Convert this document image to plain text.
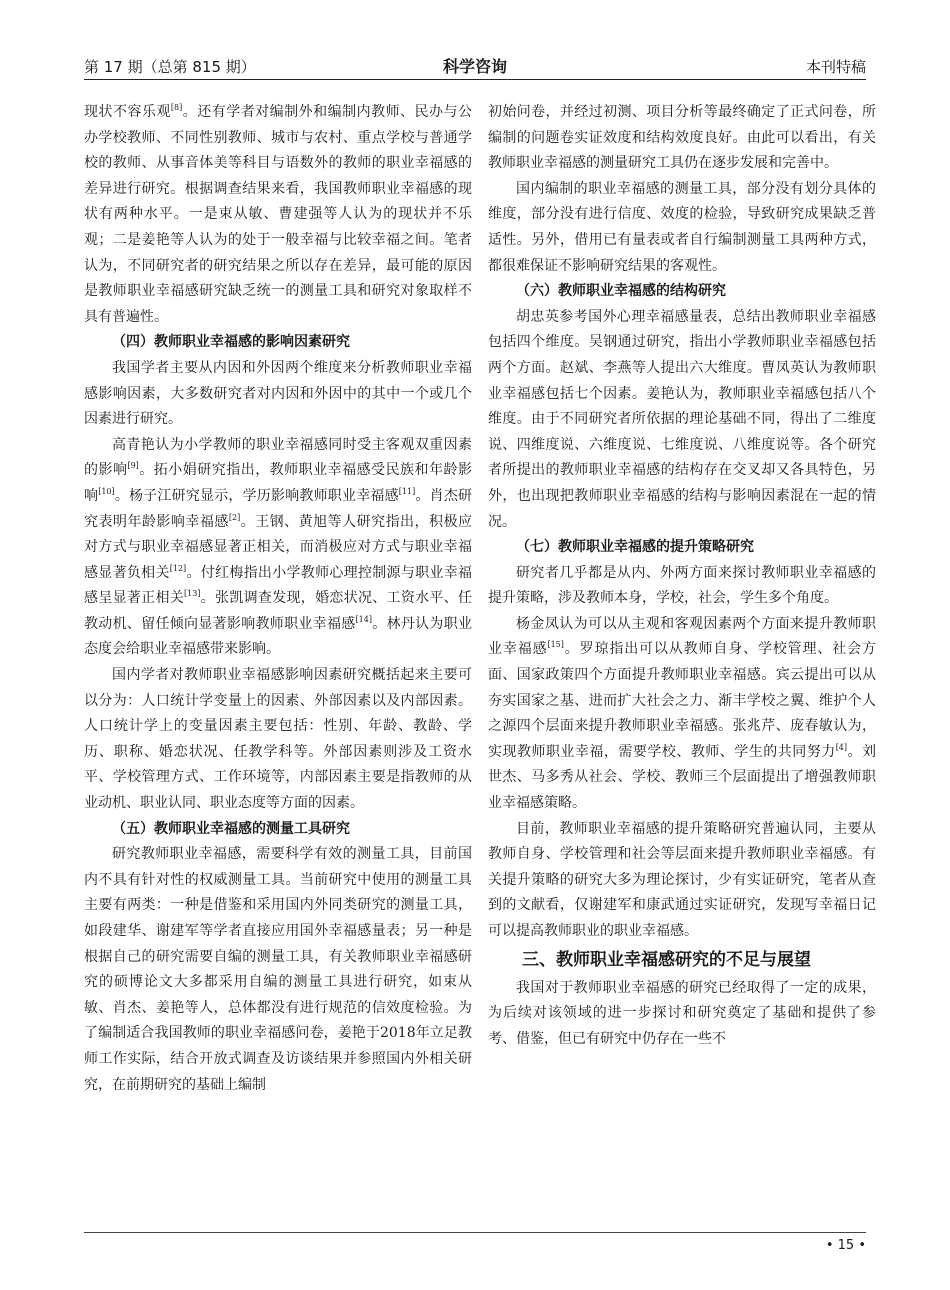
第 17 期（总第 815 期）	科学咨询	本刊特稿

现状不容乐观[8]。还有学者对编制外和编制内教师、民办与公办学校教师、不同性别教师、城市与农村、重点学校与普通学校的教师、从事音体美等科目与语数外的教师的职业幸福感的差异进行研究。根据调查结果来看，我国教师职业幸福感的现状有两种水平。一是束从敏、曹建强等人认为的现状并不乐观；二是姜艳等人认为的处于一般幸福与比较幸福之间。笔者认为，不同研究者的研究结果之所以存在差异，最可能的原因是教师职业幸福感研究缺乏统一的测量工具和研究对象取样不具有普遍性。

（四）教师职业幸福感的影响因素研究

我国学者主要从内因和外因两个维度来分析教师职业幸福感影响因素，大多数研究者对内因和外因中的其中一个或几个因素进行研究。

高青艳认为小学教师的职业幸福感同时受主客观双重因素的影响[9]。拓小娟研究指出，教师职业幸福感受民族和年龄影响[10]。杨子江研究显示，学历影响教师职业幸福感[11]。肖杰研究表明年龄影响幸福感[2]。王钢、黄旭等人研究指出，积极应对方式与职业幸福感显著正相关，而消极应对方式与职业幸福感显著负相关[12]。付红梅指出小学教师心理控制源与职业幸福感呈显著正相关[13]。张凯调查发现，婚恋状况、工资水平、任教动机、留任倾向显著影响教师职业幸福感[14]。林丹认为职业态度会给职业幸福感带来影响。

国内学者对教师职业幸福感影响因素研究概括起来主要可以分为：人口统计学变量上的因素、外部因素以及内部因素。人口统计学上的变量因素主要包括：性别、年龄、教龄、学历、职称、婚恋状况、任教学科等。外部因素则涉及工资水平、学校管理方式、工作环境等，内部因素主要是指教师的从业动机、职业认同、职业态度等方面的因素。

（五）教师职业幸福感的测量工具研究

研究教师职业幸福感，需要科学有效的测量工具，目前国内不具有针对性的权威测量工具。当前研究中使用的测量工具主要有两类：一种是借鉴和采用国内外同类研究的测量工具，如段建华、谢建军等学者直接应用国外幸福感量表；另一种是根据自己的研究需要自编的测量工具，有关教师职业幸福感研究的硕博论文大多都采用自编的测量工具进行研究，如束从敏、肖杰、姜艳等人，总体都没有进行规范的信效度检验。为了编制适合我国教师的职业幸福感问卷，姜艳于2018年立足教师工作实际，结合开放式调查及访谈结果并参照国内外相关研究，在前期研究的基础上编制

初始问卷，并经过初测、项目分析等最终确定了正式问卷，所编制的问题卷实证效度和结构效度良好。由此可以看出，有关教师职业幸福感的测量研究工具仍在逐步发展和完善中。

国内编制的职业幸福感的测量工具，部分没有划分具体的维度，部分没有进行信度、效度的检验，导致研究成果缺乏普适性。另外，借用已有量表或者自行编制测量工具两种方式，都很难保证不影响研究结果的客观性。

（六）教师职业幸福感的结构研究

胡忠英参考国外心理幸福感量表，总结出教师职业幸福感包括四个维度。吴钢通过研究，指出小学教师职业幸福感包括两个方面。赵斌、李燕等人提出六大维度。曹凤英认为教师职业幸福感包括七个因素。姜艳认为，教师职业幸福感包括八个维度。由于不同研究者所依据的理论基础不同，得出了二维度说、四维度说、六维度说、七维度说、八维度说等。各个研究者所提出的教师职业幸福感的结构存在交叉却又各具特色，另外，也出现把教师职业幸福感的结构与影响因素混在一起的情况。

（七）教师职业幸福感的提升策略研究

研究者几乎都是从内、外两方面来探讨教师职业幸福感的提升策略，涉及教师本身，学校，社会，学生多个角度。

杨金凤认为可以从主观和客观因素两个方面来提升教师职业幸福感[15]。罗琼指出可以从教师自身、学校管理、社会方面、国家政策四个方面提升教师职业幸福感。宾云提出可以从夯实国家之基、进而扩大社会之力、渐丰学校之翼、维护个人之源四个层面来提升教师职业幸福感。张兆芹、庞春敏认为，实现教师职业幸福，需要学校、教师、学生的共同努力[4]。刘世杰、马多秀从社会、学校、教师三个层面提出了增强教师职业幸福感策略。

目前，教师职业幸福感的提升策略研究普遍认同，主要从教师自身、学校管理和社会等层面来提升教师职业幸福感。有关提升策略的研究大多为理论探讨，少有实证研究，笔者从查到的文献看，仅谢建军和康武通过实证研究，发现写幸福日记可以提高教师职业的职业幸福感。

三、教师职业幸福感研究的不足与展望

我国对于教师职业幸福感的研究已经取得了一定的成果，为后续对该领域的进一步探讨和研究奠定了基础和提供了参考、借鉴，但已有研究中仍存在一些不

• 15 •
